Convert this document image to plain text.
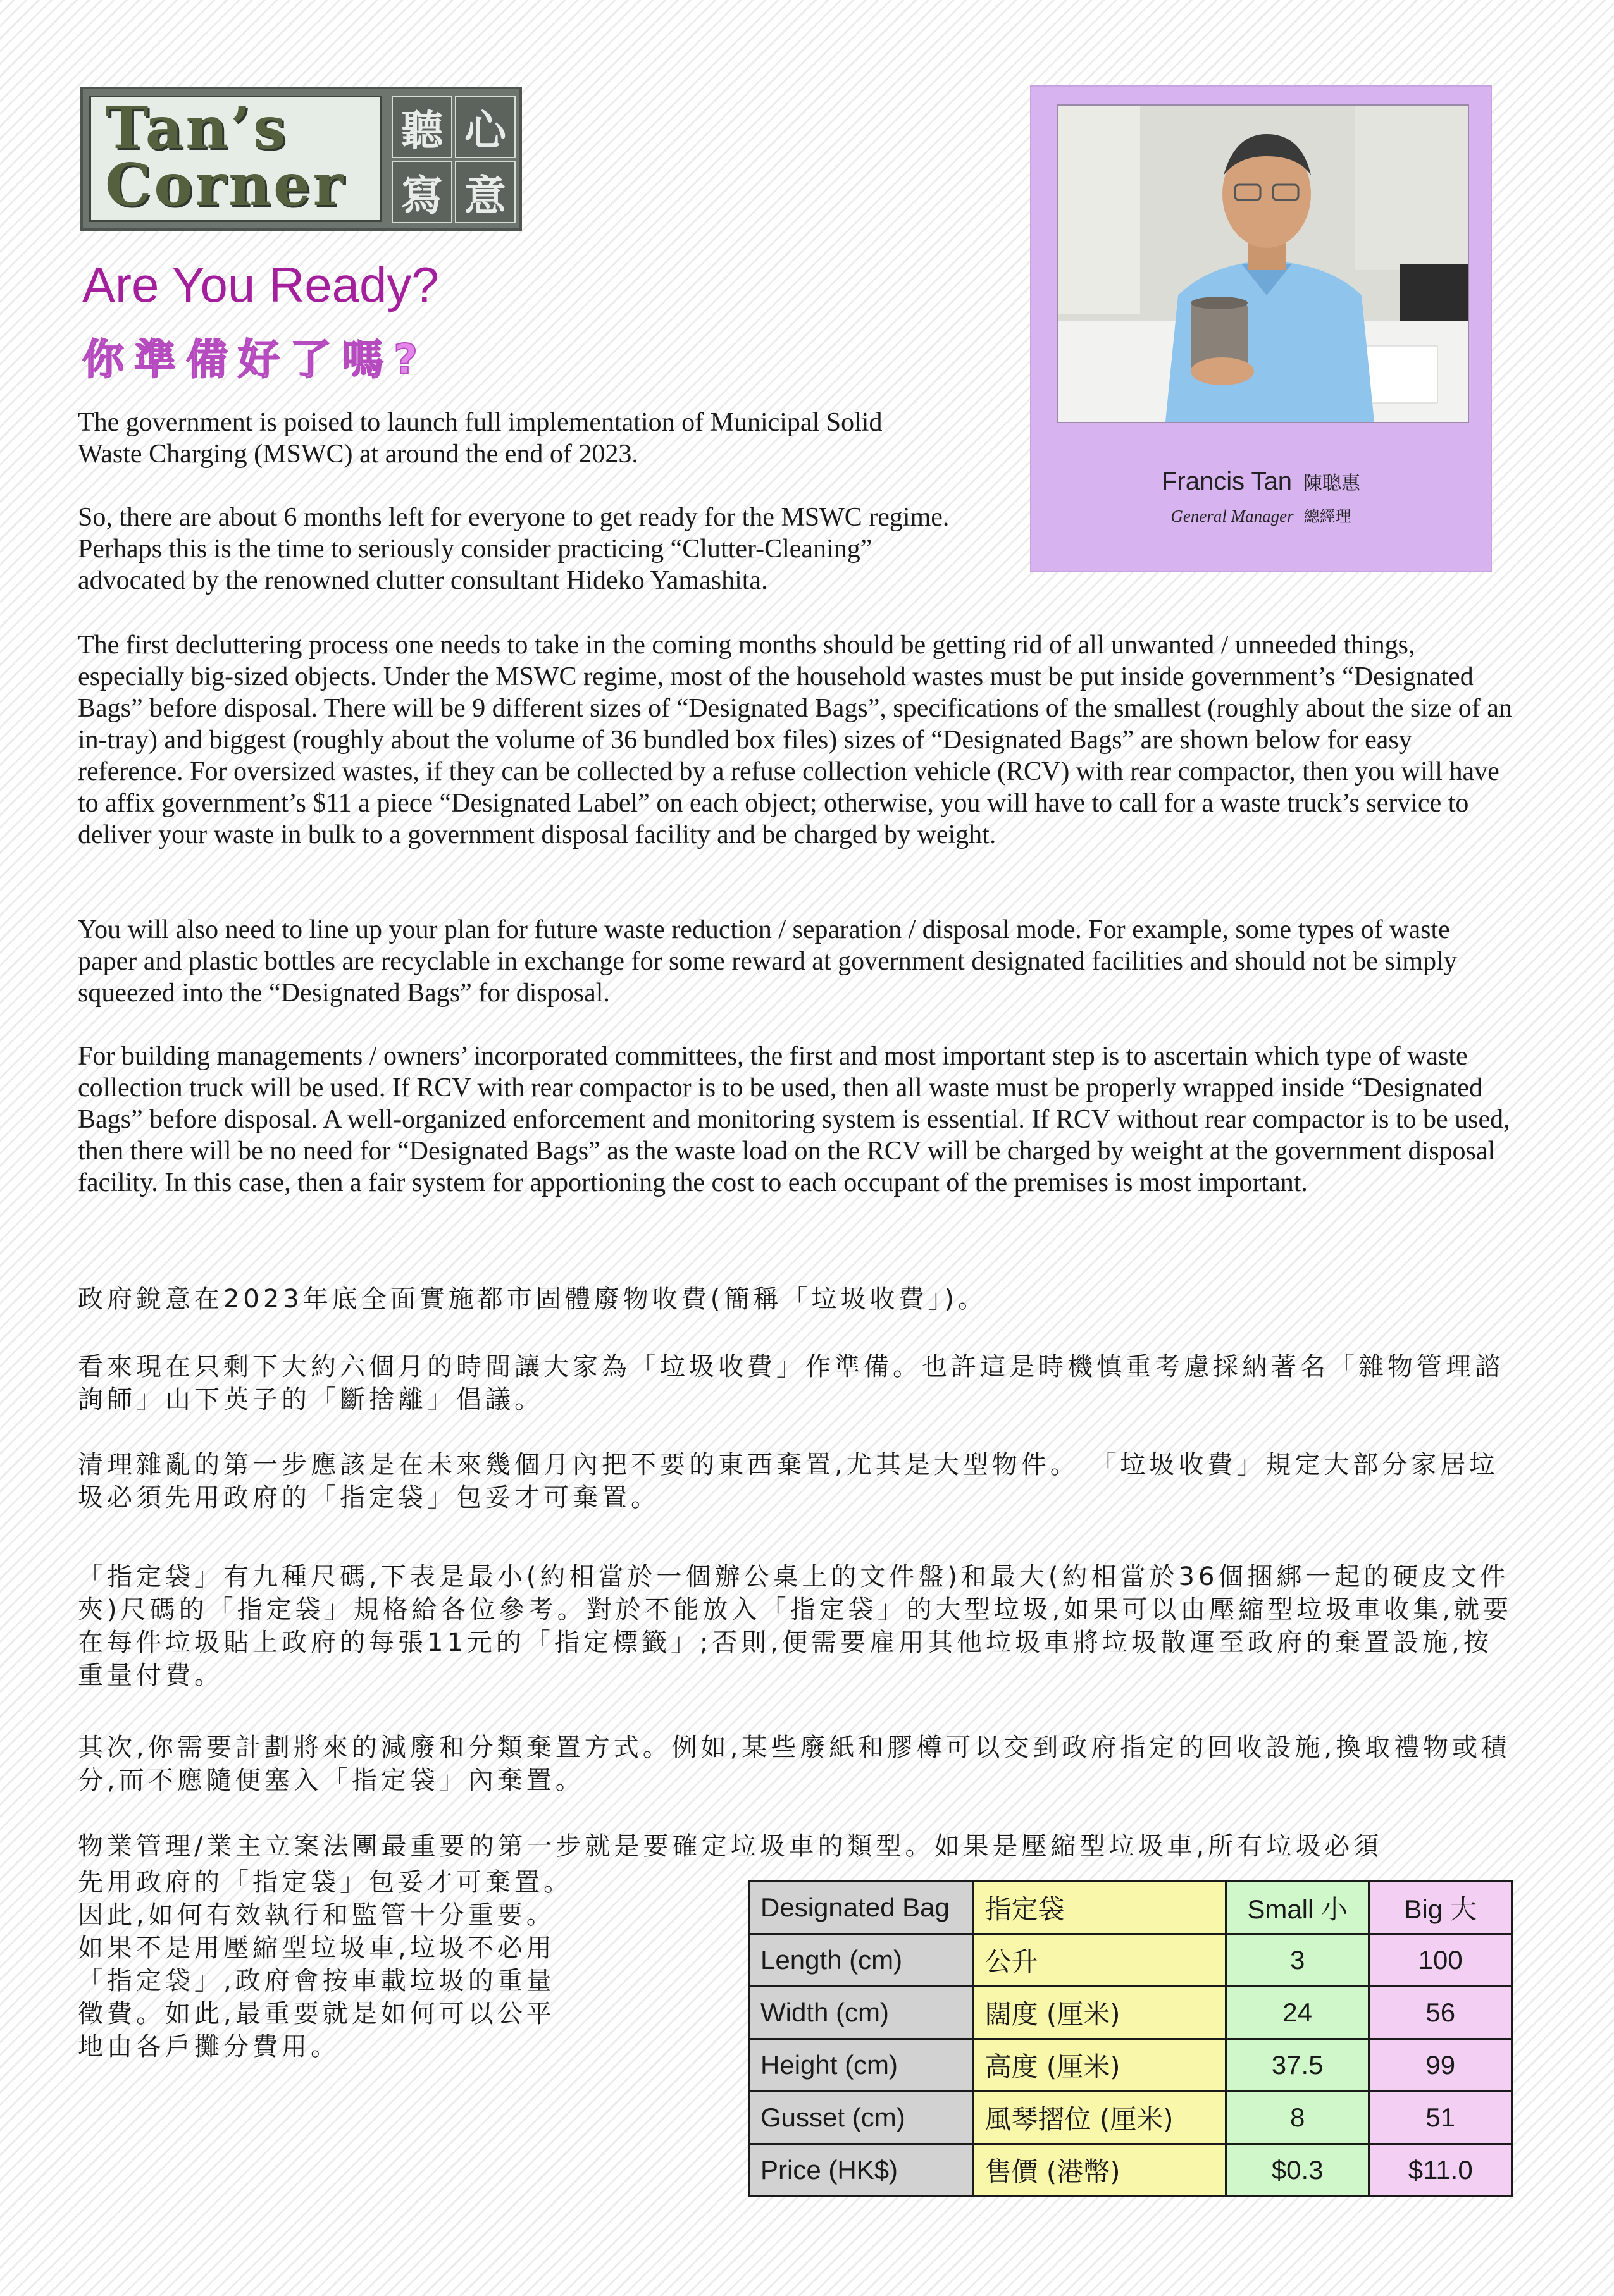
Tan’s
Corner
聽 心
寫 意
Are You Ready?
你準備好了嗎?
Francis Tan 陳聰惠
General Manager 總經理

The government is poised to launch full implementation of Municipal Solid Waste Charging (MSWC) at around the end of 2023.

So, there are about 6 months left for everyone to get ready for the MSWC regime. Perhaps this is the time to seriously consider practicing “Clutter-Cleaning” advocated by the renowned clutter consultant Hideko Yamashita.

The first decluttering process one needs to take in the coming months should be getting rid of all unwanted / unneeded things, especially big-sized objects. Under the MSWC regime, most of the household wastes must be put inside government’s “Designated Bags” before disposal. There will be 9 different sizes of “Designated Bags”, specifications of the smallest (roughly about the size of an in-tray) and biggest (roughly about the volume of 36 bundled box files) sizes of “Designated Bags” are shown below for easy reference. For oversized wastes, if they can be collected by a refuse collection vehicle (RCV) with rear compactor, then you will have to affix government’s $11 a piece “Designated Label” on each object; otherwise, you will have to call for a waste truck’s service to deliver your waste in bulk to a government disposal facility and be charged by weight.

You will also need to line up your plan for future waste reduction / separation / disposal mode. For example, some types of waste paper and plastic bottles are recyclable in exchange for some reward at government designated facilities and should not be simply squeezed into the “Designated Bags” for disposal.

For building managements / owners’ incorporated committees, the first and most important step is to ascertain which type of waste collection truck will be used. If RCV with rear compactor is to be used, then all waste must be properly wrapped inside “Designated Bags” before disposal. A well-organized enforcement and monitoring system is essential. If RCV without rear compactor is to be used, then there will be no need for “Designated Bags” as the waste load on the RCV will be charged by weight at the government disposal facility. In this case, then a fair system for apportioning the cost to each occupant of the premises is most important.

政府銳意在2023年底全面實施都市固體廢物收費(簡稱「垃圾收費」)。

看來現在只剩下大約六個月的時間讓大家為「垃圾收費」作準備。也許這是時機慎重考慮採納著名「雜物管理諮詢師」山下英子的「斷捨離」倡議。

清理雜亂的第一步應該是在未來幾個月內把不要的東西棄置,尤其是大型物件。 「垃圾收費」規定大部分家居垃圾必須先用政府的「指定袋」包妥才可棄置。

「指定袋」有九種尺碼,下表是最小(約相當於一個辦公桌上的文件盤)和最大(約相當於36個捆綁一起的硬皮文件夾)尺碼的「指定袋」規格給各位參考。對於不能放入「指定袋」的大型垃圾,如果可以由壓縮型垃圾車收集,就要在每件垃圾貼上政府的每張11元的「指定標籤」;否則,便需要雇用其他垃圾車將垃圾散運至政府的棄置設施,按重量付費。

其次,你需要計劃將來的減廢和分類棄置方式。例如,某些廢紙和膠樽可以交到政府指定的回收設施,換取禮物或積分,而不應隨便塞入「指定袋」內棄置。

物業管理/業主立案法團最重要的第一步就是要確定垃圾車的類型。如果是壓縮型垃圾車,所有垃圾必須

先用政府的「指定袋」包妥才可棄置。
因此,如何有效執行和監管十分重要。
如果不是用壓縮型垃圾車,垃圾不必用
「指定袋」,政府會按車載垃圾的重量
徵費。如此,最重要就是如何可以公平
地由各戶攤分費用。
Designated Bag	指定袋	Small 小	Big 大
Length (cm)	公升	3	100
Width (cm)	闊度 (厘米)	24	56
Height (cm)	高度 (厘米)	37.5	99
Gusset (cm)	風琴摺位 (厘米)	8	51
Price (HK$)	售價 (港幣)	$0.3	$11.0
